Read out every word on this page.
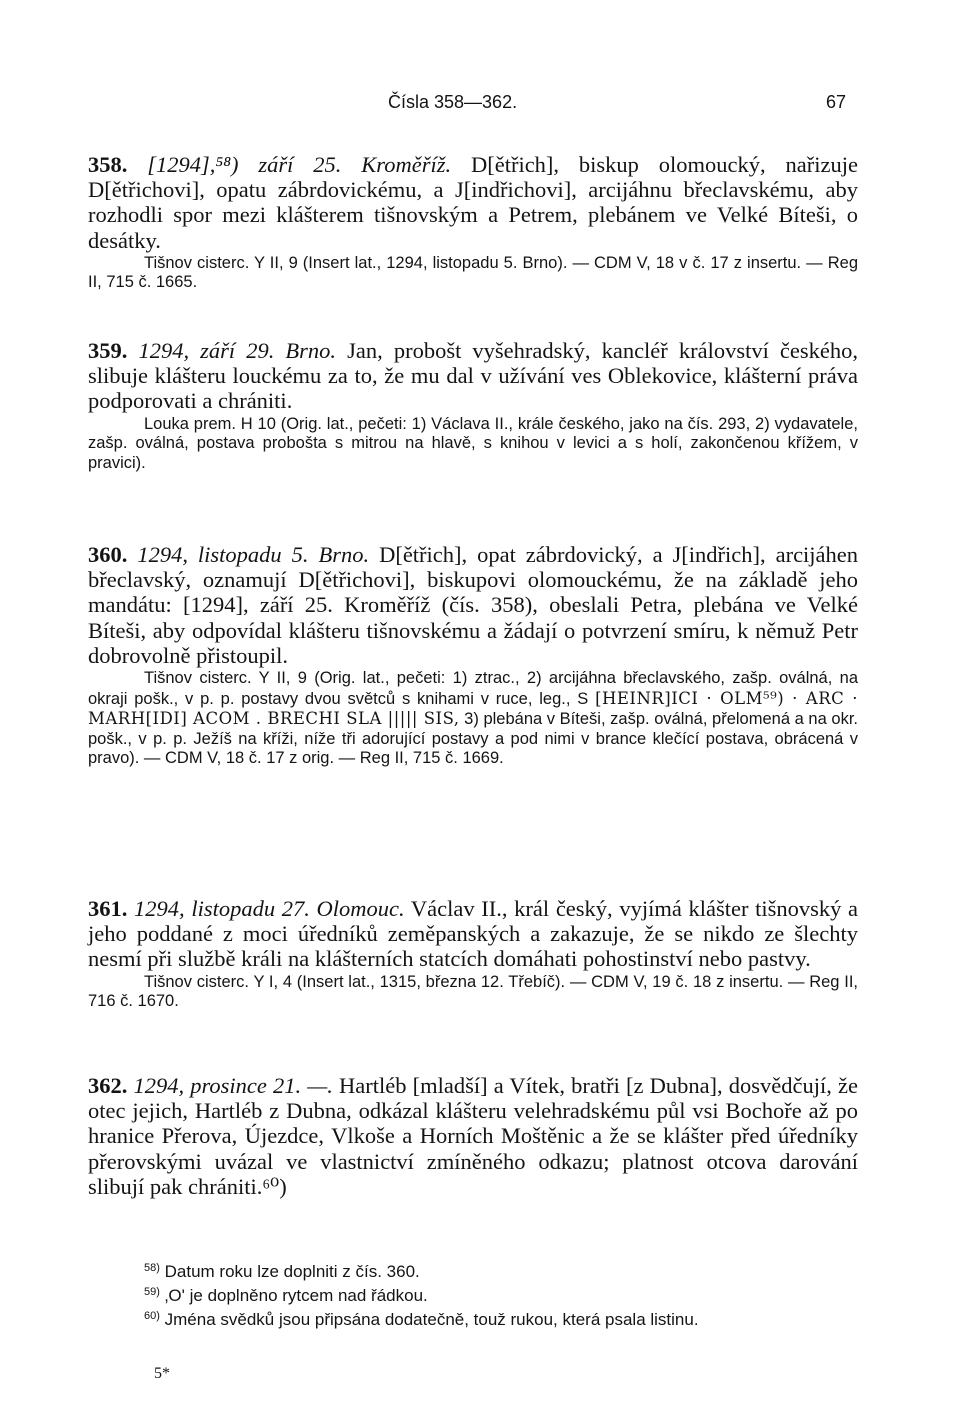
Čísla 358—362.	67

358. [1294],⁵⁸) září 25. Kroměříž. D[ětřich], biskup olomoucký, nařizuje D[ětřichovi], opatu zábrdovickému, a J[indřichovi], arcijáhnu břeclavskému, aby rozhodli spor mezi klášterem tišnovským a Petrem, plebánem ve Velké Bíteši, o desátky.

Tišnov cisterc. Y II, 9 (Insert lat., 1294, listopadu 5. Brno). — CDM V, 18 v č. 17 z insertu. — Reg II, 715 č. 1665.

359. 1294, září 29. Brno. Jan, probošt vyšehradský, kancléř království českého, slibuje klášteru louckému za to, že mu dal v užívání ves Oblekovice, klášterní práva podporovati a chrániti.

Louka prem. H 10 (Orig. lat., pečeti: 1) Václava II., krále českého, jako na čís. 293, 2) vydavatele, zašp. oválná, postava probošta s mitrou na hlavě, s knihou v levici a s holí, zakončenou křížem, v pravici).

360. 1294, listopadu 5. Brno. D[ětřich], opat zábrdovický, a J[indřich], arcijáhen břeclavský, oznamují D[ětřichovi], biskupovi olomouckému, že na základě jeho mandátu: [1294], září 25. Kroměříž (čís. 358), obeslali Petra, plebána ve Velké Bíteši, aby odpovídal klášteru tišnovskému a žádají o potvrzení smíru, k němuž Petr dobrovolně přistoupil.

Tišnov cisterc. Y II, 9 (Orig. lat., pečeti: 1) ztrac., 2) arcijáhna břeclavského, zašp. oválná, na okraji pošk., v p. p. postavy dvou světců s knihami v ruce, leg., S [HEINR]ICI · OLM⁵⁹) · ARC · MARH[IDI] ACOM . BRECHI SLA ||||| SIS, 3) plebána v Bíteši, zašp. oválná, přelomená a na okr. pošk., v p. p. Ježíš na kříži, níže tři adorující postavy a pod nimi v brance klečící postava, obrácená v pravo). — CDM V, 18 č. 17 z orig. — Reg II, 715 č. 1669.

361. 1294, listopadu 27. Olomouc. Václav II., král český, vyjímá klášter tišnovský a jeho poddané z moci úředníků zeměpanských a zakazuje, že se nikdo ze šlechty nesmí při službě králi na klášterních statcích domáhati pohostinství nebo pastvy.

Tišnov cisterc. Y I, 4 (Insert lat., 1315, března 12. Třebíč). — CDM V, 19 č. 18 z insertu. — Reg II, 716 č. 1670.

362. 1294, prosince 21. —. Hartléb [mladší] a Vítek, bratři [z Dubna], dosvědčují, že otec jejich, Hartléb z Dubna, odkázal klášteru velehradskému půl vsi Bochoře až po hranice Přerova, Újezdce, Vlkoše a Horních Moštěnic a že se klášter před úředníky přerovskými uvázal ve vlastnictví zmíněného odkazu; platnost otcova darování slibují pak chrániti.⁶⁰)

$^{58)}$ Datum roku lze doplniti z čís. 360.

$^{59)}$ ‚O' je doplněno rytcem nad řádkou.

$^{60)}$ Jména svědků jsou připsána dodatečně, touž rukou, která psala listinu.

5*
